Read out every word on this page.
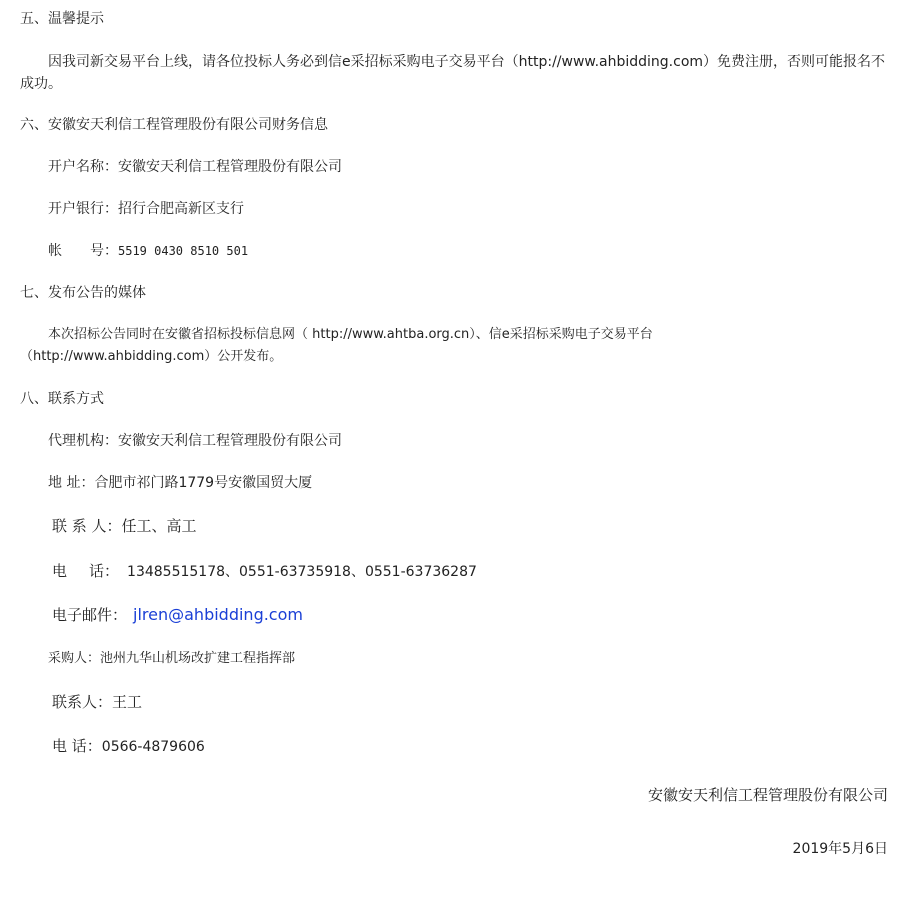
五、温馨提示
因我司新交易平台上线，请各位投标人务必到信e采招标采购电子交易平台（http://www.ahbidding.com）免费注册，否则可能报名不成功。
六、安徽安天利信工程管理股份有限公司财务信息
开户名称：安徽安天利信工程管理股份有限公司
开户银行：招行合肥高新区支行
帐 号：5519 0430 8510 501
七、发布公告的媒体
本次招标公告同时在安徽省招标投标信息网（ http://www.ahtba.org.cn）、信e采招标采购电子交易平台
（http://www.ahbidding.com）公开发布。
八、联系方式
代理机构：安徽安天利信工程管理股份有限公司
地 址：合肥市祁门路1779号安徽国贸大厦
联 系 人：任工、高工
电 话： 13485515178、0551-63735918、0551-63736287
电子邮件： jlren@ahbidding.com
采购人：池州九华山机场改扩建工程指挥部
联系人：王工
电 话：0566-4879606
安徽安天利信工程管理股份有限公司
2019年5月6日
